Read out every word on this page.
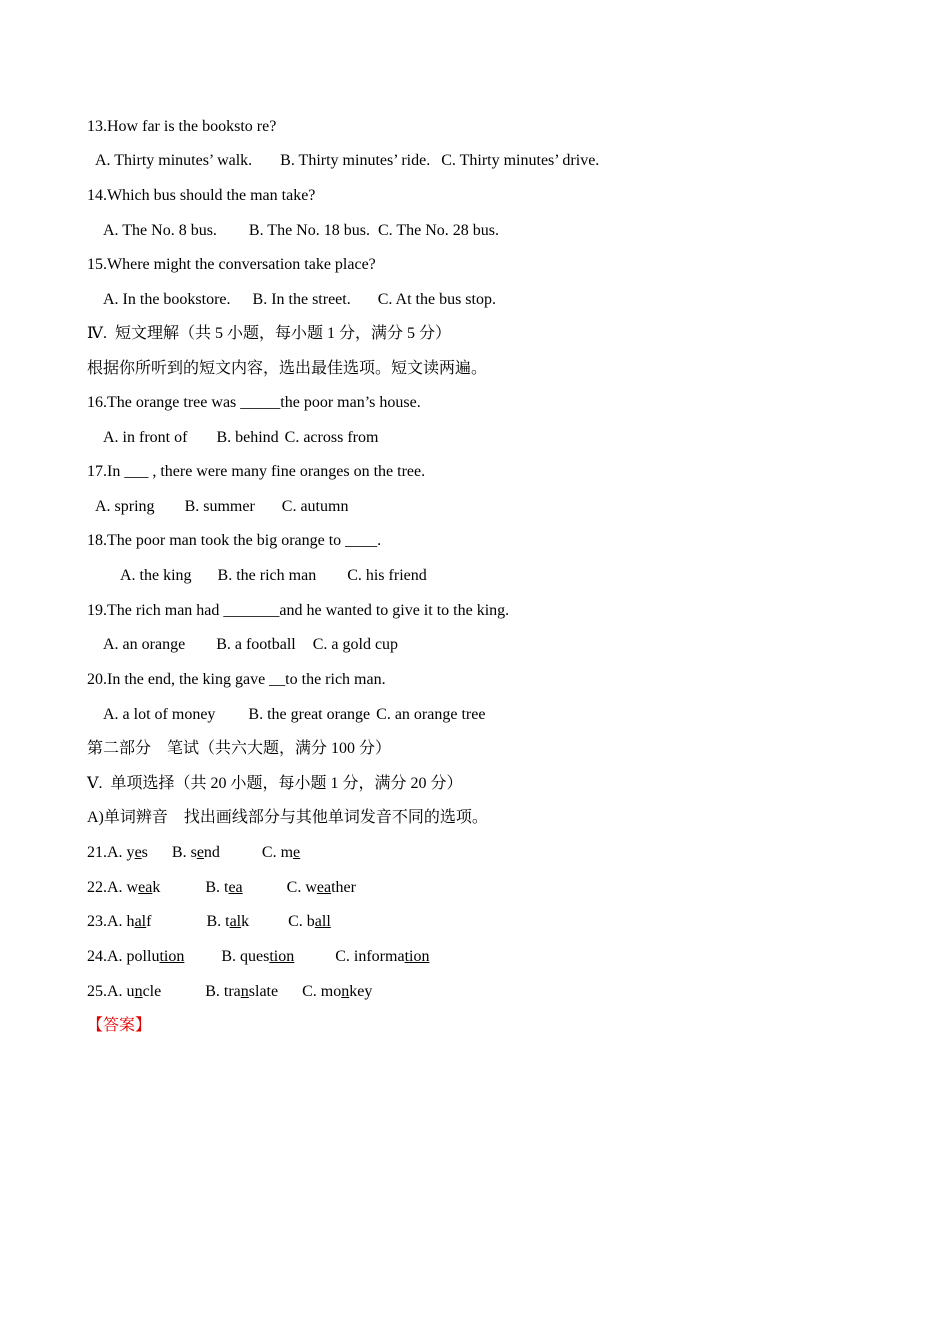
13.How far is the booksto re?
A. Thirty minutes’ walk. B. Thirty minutes’ ride. C. Thirty minutes’ drive.
14.Which bus should the man take?
A. The No. 8 bus. B. The No. 18 bus. C. The No. 28 bus.
15.Where might the conversation take place?
A. In the bookstore. B. In the street. C. At the bus stop.
Ⅳ.  短文理解（共 5 小题，每小题 1 分，满分 5 分）
根据你所听到的短文内容，选出最佳选项。短文读两遍。
16.The orange tree was _____the poor man’s house.
A. in front of B. behind C. across from
17.In ___ , there were many fine oranges on the tree.
A. spring B. summer C. autumn
18.The poor man took the big orange to ____.
A. the king B. the rich man C. his friend
19.The rich man had _______and he wanted to give it to the king.
A. an orange B. a football C. a gold cup
20.In the end, the king gave __to the rich man.
A. a lot of money B. the great orange C. an orange tree
第二部分    笔试（共六大题，满分 100 分）
Ⅴ.  单项选择（共 20 小题，每小题 1 分，满分 20 分）
A)单词辨音    找出画线部分与其他单词发音不同的选项。
21.A. yes B. send	C. me
22.A. weak	B. tea	C. weather
23.A. half	B. talk C. ball
24.A. pollution B. question	C. information
25.A. uncle	B. translate C. monkey
【答案】
